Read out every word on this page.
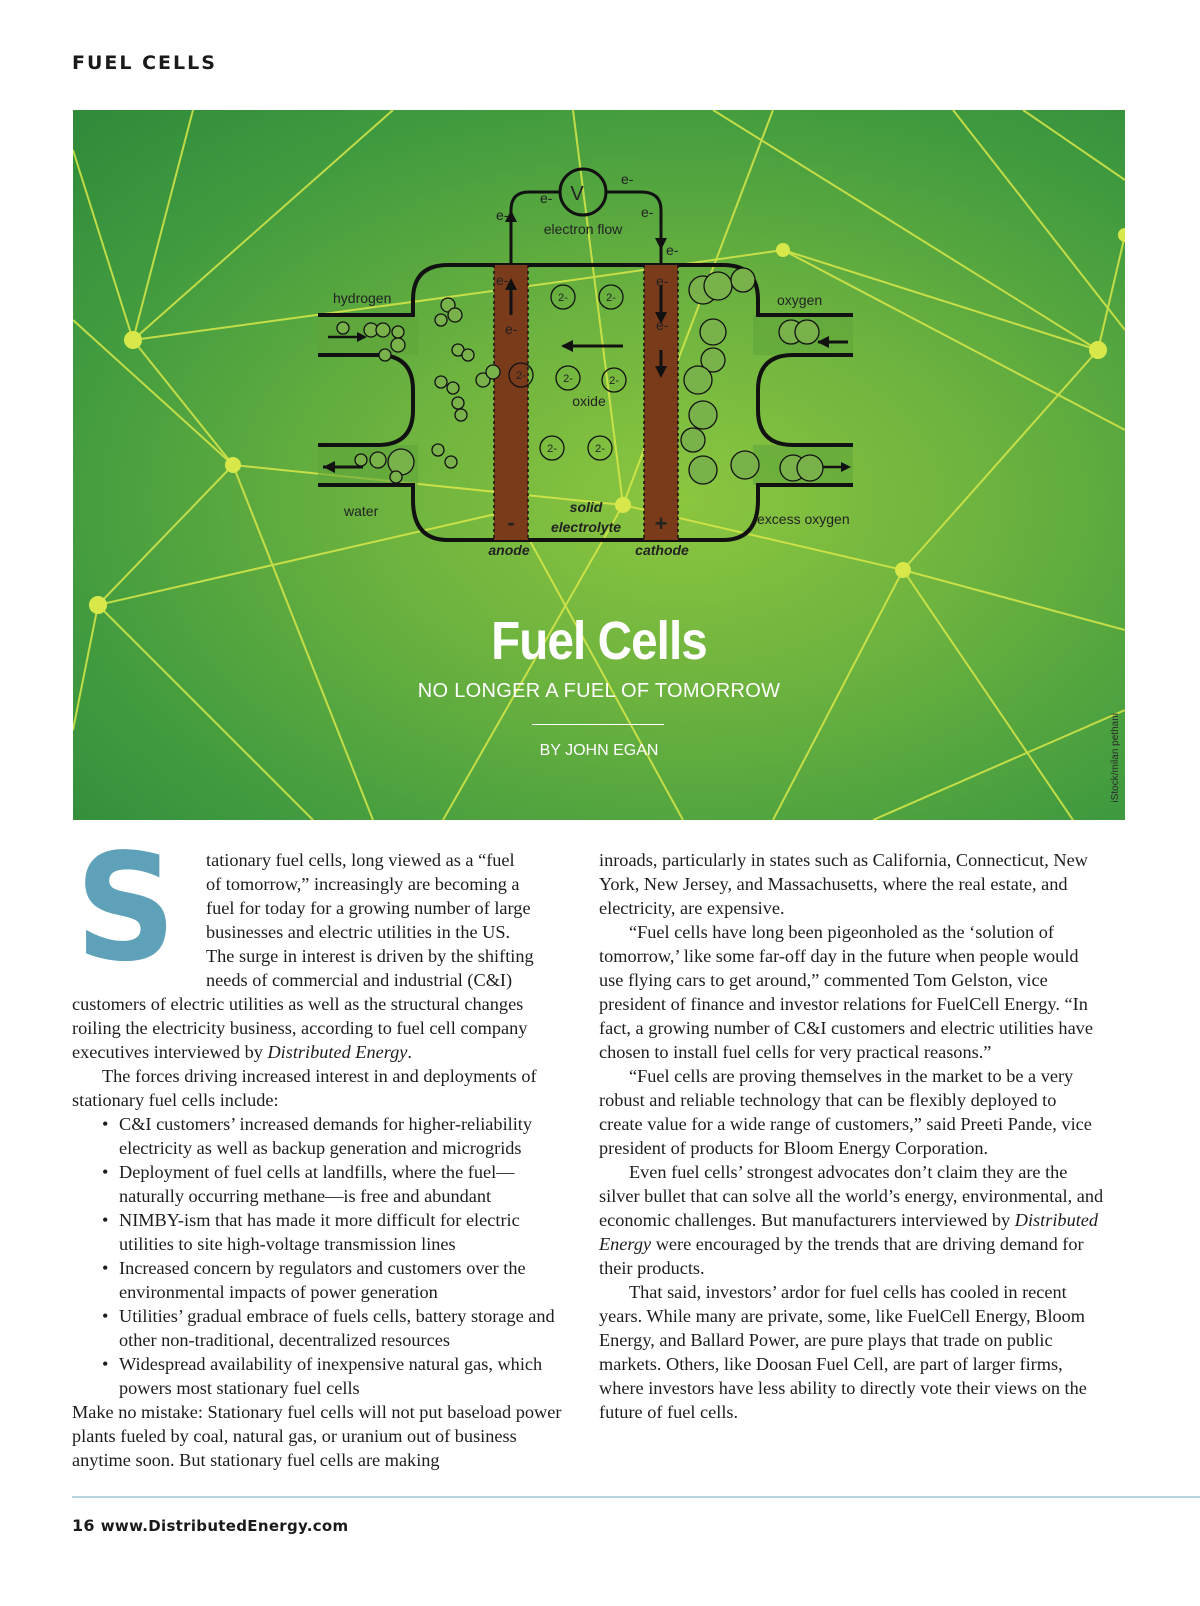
FUEL CELLS
2-	2-
2-	2-	2-
2-	2-
V
electron flow
e-
e-
e-
e-
e-
e-
e-	e-
e-
hydrogen	oxygen
water	excess oxygen
oxide
solid
electrolyte
anode	cathode
-	+
Fuel Cells
NO LONGER A FUEL OF TOMORROW
BY JOHN EGAN	iStock/milan pethani
S	tationary fuel cells, long viewed as a “fuel
of tomorrow,” increasingly are becoming a
fuel for today for a growing number of large
businesses and electric utilities in the US.
The surge in interest is driven by the shifting
needs of commercial and industrial (C&I)
customers of electric utilities as well as the structural changes roiling the electricity business, according to fuel cell company executives interviewed by Distributed Energy.

The forces driving increased interest in and deployments of stationary fuel cells include:

• C&I customers’ increased demands for higher-reliability electricity as well as backup generation and microgrids
• Deployment of fuel cells at landfills, where the fuel—naturally occurring methane—is free and abundant
• NIMBY-ism that has made it more difficult for electric utilities to site high-voltage transmission lines
• Increased concern by regulators and customers over the environmental impacts of power generation
• Utilities’ gradual embrace of fuels cells, battery storage and other non-traditional, decentralized resources
• Widespread availability of inexpensive natural gas, which powers most stationary fuel cells

Make no mistake: Stationary fuel cells will not put baseload power plants fueled by coal, natural gas, or uranium out of business anytime soon. But stationary fuel cells are making

inroads, particularly in states such as California, Connecticut, New York, New Jersey, and Massachusetts, where the real estate, and electricity, are expensive.

“Fuel cells have long been pigeonholed as the ‘solution of tomorrow,’ like some far-off day in the future when people would use flying cars to get around,” commented Tom Gelston, vice president of finance and investor relations for FuelCell Energy. “In fact, a growing number of C&I customers and electric utilities have chosen to install fuel cells for very practical reasons.”

“Fuel cells are proving themselves in the market to be a very robust and reliable technology that can be flexibly deployed to create value for a wide range of customers,” said Preeti Pande, vice president of products for Bloom Energy Corporation.

Even fuel cells’ strongest advocates don’t claim they are the silver bullet that can solve all the world’s energy, environmental, and economic challenges. But manufacturers interviewed by Distributed Energy were encouraged by the trends that are driving demand for their products.

That said, investors’ ardor for fuel cells has cooled in recent years. While many are private, some, like FuelCell Energy, Bloom Energy, and Ballard Power, are pure plays that trade on public markets. Others, like Doosan Fuel Cell, are part of larger firms, where investors have less ability to directly vote their views on the future of fuel cells.

16 www.DistributedEnergy.com
